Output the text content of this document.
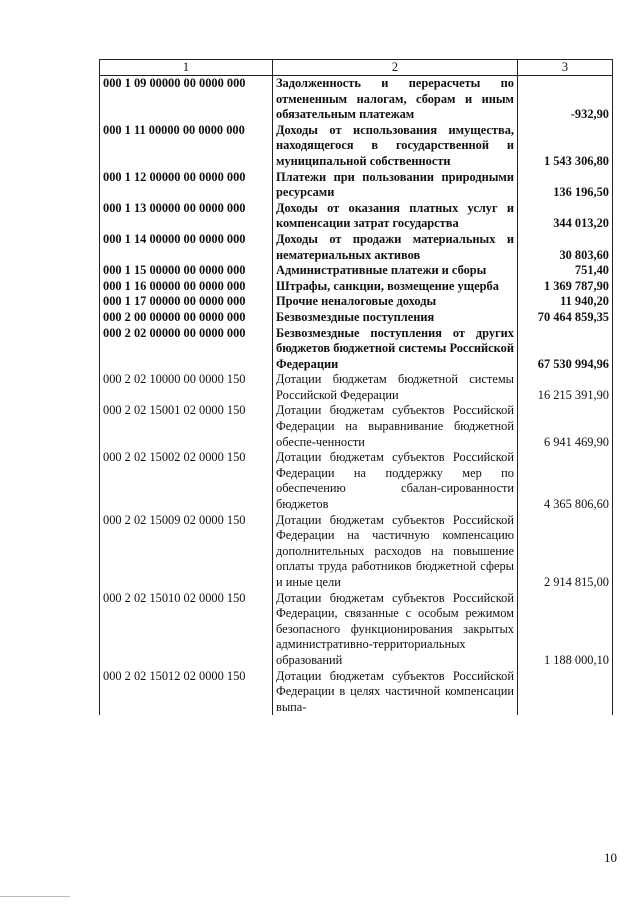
1	2	3
000 1 09 00000 00 0000 000	Задолженность и перерасчеты по отмененным налогам, сборам и иным обязательным платежам	-932,90
000 1 11 00000 00 0000 000	Доходы от использования имущества, находящегося в государственной и муниципальной собственности	1 543 306,80
000 1 12 00000 00 0000 000	Платежи при пользовании природными ресурсами	136 196,50
000 1 13 00000 00 0000 000	Доходы от оказания платных услуг и компенсации затрат государства	344 013,20
000 1 14 00000 00 0000 000	Доходы от продажи материальных и нематериальных активов	30 803,60
000 1 15 00000 00 0000 000	Административные платежи и сборы	751,40
000 1 16 00000 00 0000 000	Штрафы, санкции, возмещение ущерба	1 369 787,90
000 1 17 00000 00 0000 000	Прочие неналоговые доходы	11 940,20
000 2 00 00000 00 0000 000	Безвозмездные поступления	70 464 859,35
000 2 02 00000 00 0000 000	Безвозмездные поступления от других бюджетов бюджетной системы Российской Федерации	67 530 994,96
000 2 02 10000 00 0000 150	Дотации бюджетам бюджетной системы Российской Федерации	16 215 391,90
000 2 02 15001 02 0000 150	Дотации бюджетам субъектов Российской Федерации на выравнивание бюджетной обеспе-ченности	6 941 469,90
000 2 02 15002 02 0000 150	Дотации бюджетам субъектов Российской Федерации на поддержку мер по обеспечению сбалан-сированности бюджетов	4 365 806,60
000 2 02 15009 02 0000 150	Дотации бюджетам субъектов Российской Федерации на частичную компенсацию дополнительных расходов на повышение оплаты труда работников бюджетной сферы и иные цели	2 914 815,00
000 2 02 15010 02 0000 150	Дотации бюджетам субъектов Российской Федерации, связанные с особым режимом безопасного функционирования закрытых административно-территориальных образований	1 188 000,10
000 2 02 15012 02 0000 150	Дотации бюджетам субъектов Российской Федерации в целях частичной компенсации выпа-	
10
